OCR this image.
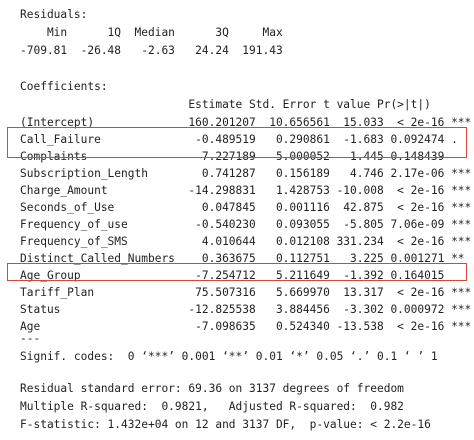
Residuals:
Min      1Q  Median      3Q     Max
-709.81  -26.48   -2.63   24.24  191.43
Coefficients:
Estimate Std. Error t value Pr(>|t|)
(Intercept)              160.201207  10.656561  15.033  < 2e-16 ***
Call_Failure              -0.489519   0.290861  -1.683 0.092474 .
Complaints                 7.227189   5.000052   1.445 0.148439
Subscription_Length        0.741287   0.156189   4.746 2.17e-06 ***
Charge_Amount            -14.298831   1.428753 -10.008  < 2e-16 ***
Seconds_of_Use             0.047845   0.001116  42.875  < 2e-16 ***
Frequency_of_use          -0.540230   0.093055  -5.805 7.06e-09 ***
Frequency_of_SMS           4.010644   0.012108 331.234  < 2e-16 ***
Distinct_Called_Numbers    0.363675   0.112751   3.225 0.001271 **
Age_Group                 -7.254712   5.211649  -1.392 0.164015
Tariff_Plan               75.507316   5.669970  13.317  < 2e-16 ***
Status                   -12.825538   3.884456  -3.302 0.000972 ***
Age                       -7.098635   0.524340 -13.538  < 2e-16 ***
---
Signif. codes:  0 ‘***’ 0.001 ‘**’ 0.01 ‘*’ 0.05 ‘.’ 0.1 ‘ ’ 1
Residual standard error: 69.36 on 3137 degrees of freedom
Multiple R-squared:  0.9821,   Adjusted R-squared:  0.982
F-statistic: 1.432e+04 on 12 and 3137 DF,  p-value: < 2.2e-16
